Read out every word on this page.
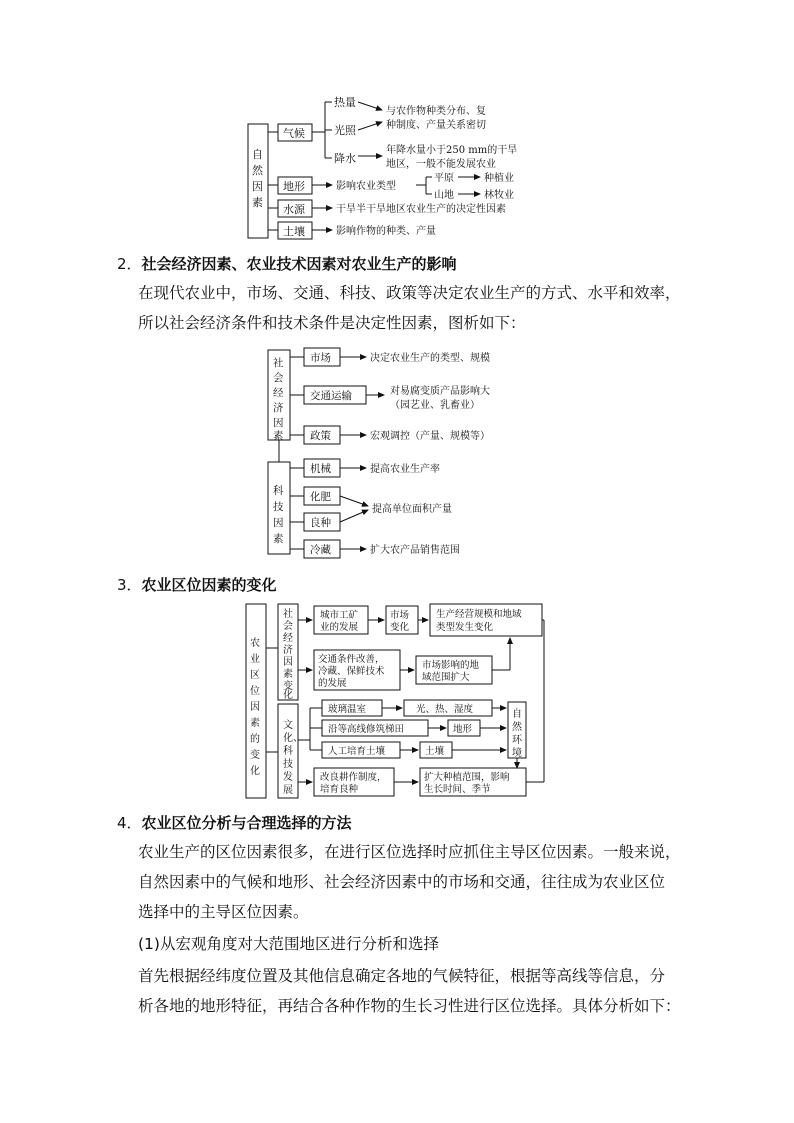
自
然
因
素
气候
地形
水源
土壤
热量
光照
降水
与农作物种类分布、复
种制度、产量关系密切
年降水量小于250 mm的干旱
地区，一般不能发展农业
影响农业类型
平原	种植业
山地	林牧业
干旱半干旱地区农业生产的决定性因素
影响作物的种类、产量
2．社会经济因素、农业技术因素对农业生产的影响
在现代农业中，市场、交通、科技、政策等决定农业生产的方式、水平和效率，
所以社会经济条件和技术条件是决定性因素，图析如下：
社
会
经
济
因
素
科
技
因
素
市场
交通运输
政策
机械
化肥
良种
冷藏
决定农业生产的类型、规模
对易腐变质产品影响大
（园艺业、乳畜业）
宏观调控（产量、规模等）
提高农业生产率
提高单位面积产量
扩大农产品销售范围
3．农业区位因素的变化
农
业
区
位
因
素
的
变
化
社
会
经
济
因
素
变
化
文
化、
科
技
发
展
自
然
环
境
城市工矿
业的发展
市场
变化
生产经营规模和地域
类型发生变化
交通条件改善，
冷藏、保鲜技术
的发展
市场影响的地
域范围扩大
玻璃温室	光、热、湿度
沿等高线修筑梯田	地形
人工培育土壤	土壤
改良耕作制度，
培育良种
扩大种植范围，影响
生长时间、季节
4．农业区位分析与合理选择的方法
农业生产的区位因素很多，在进行区位选择时应抓住主导区位因素。一般来说，
自然因素中的气候和地形、社会经济因素中的市场和交通，往往成为农业区位
选择中的主导区位因素。
(1)从宏观角度对大范围地区进行分析和选择
首先根据经纬度位置及其他信息确定各地的气候特征，根据等高线等信息，分
析各地的地形特征，再结合各种作物的生长习性进行区位选择。具体分析如下：
